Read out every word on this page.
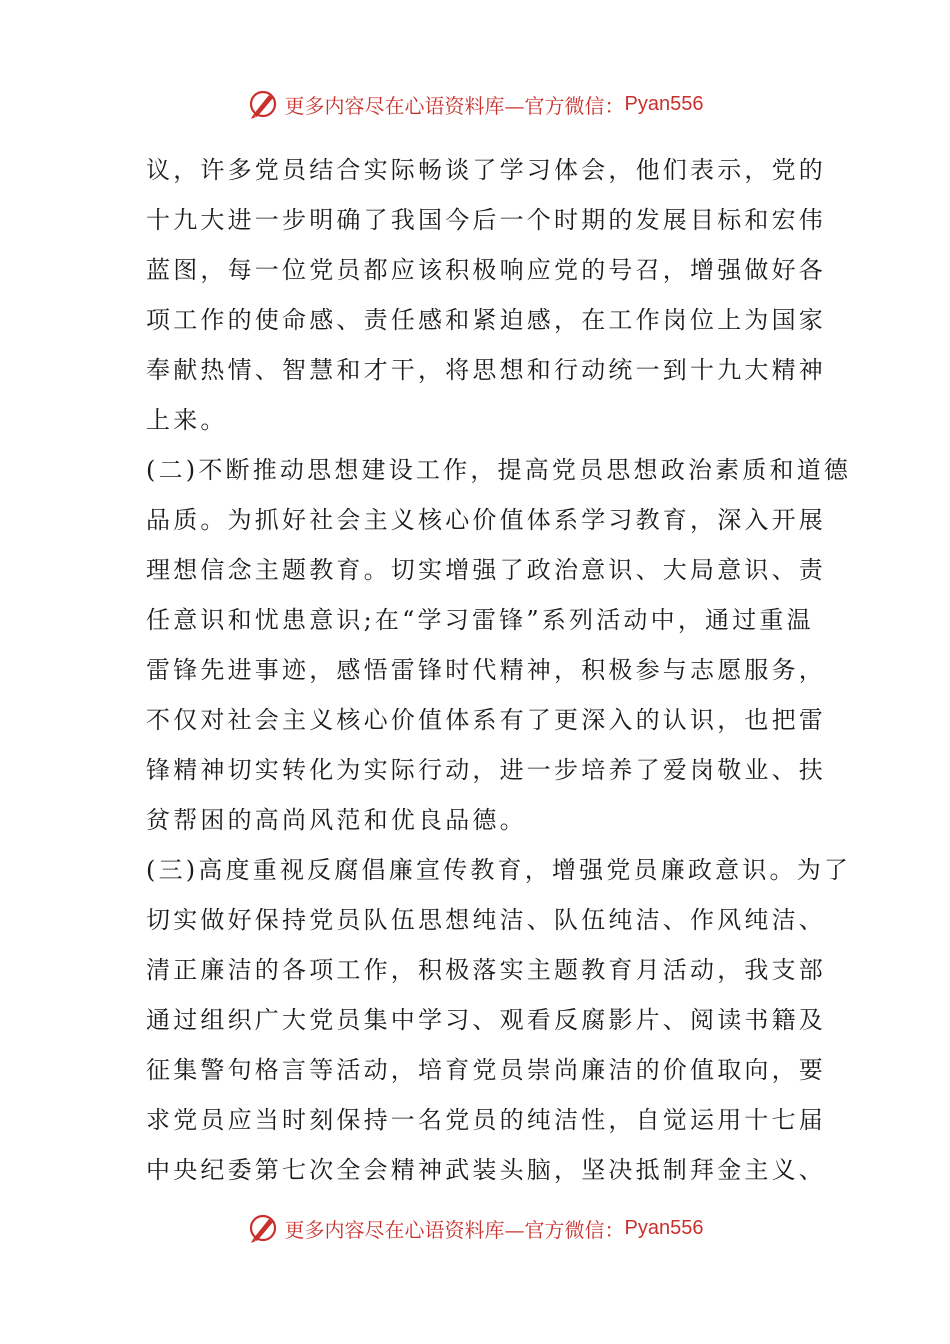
更多内容尽在心语资料库—官方微信： Pyan556
议，许多党员结合实际畅谈了学习体会，他们表示，党的
十九大进一步明确了我国今后一个时期的发展目标和宏伟
蓝图，每一位党员都应该积极响应党的号召，增强做好各
项工作的使命感、责任感和紧迫感，在工作岗位上为国家
奉献热情、智慧和才干，将思想和行动统一到十九大精神
上来。
(二)不断推动思想建设工作，提高党员思想政治素质和道德
品质。为抓好社会主义核心价值体系学习教育，深入开展
理想信念主题教育。切实增强了政治意识、大局意识、责
任意识和忧患意识;在“学习雷锋”系列活动中，通过重温
雷锋先进事迹，感悟雷锋时代精神，积极参与志愿服务，
不仅对社会主义核心价值体系有了更深入的认识，也把雷
锋精神切实转化为实际行动，进一步培养了爱岗敬业、扶
贫帮困的高尚风范和优良品德。
(三)高度重视反腐倡廉宣传教育，增强党员廉政意识。为了
切实做好保持党员队伍思想纯洁、队伍纯洁、作风纯洁、
清正廉洁的各项工作，积极落实主题教育月活动，我支部
通过组织广大党员集中学习、观看反腐影片、阅读书籍及
征集警句格言等活动，培育党员崇尚廉洁的价值取向，要
求党员应当时刻保持一名党员的纯洁性，自觉运用十七届
中央纪委第七次全会精神武装头脑，坚决抵制拜金主义、
更多内容尽在心语资料库—官方微信： Pyan556
